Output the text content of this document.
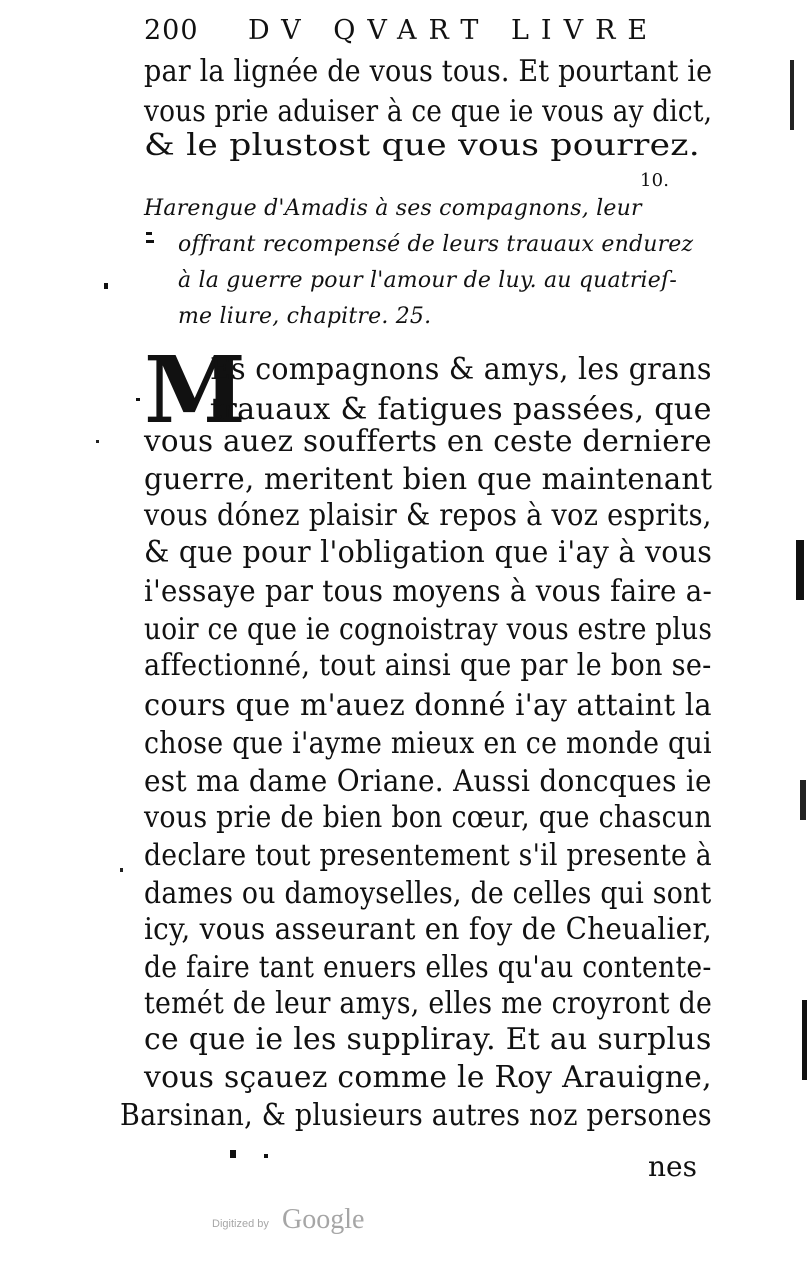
200 DV QVART LIVRE
par la lignée de vous tous. Et pourtant ie
vous prie aduiser à ce que ie vous ay dict,
& le plustost que vous pourrez.
10.
Harengue d'Amadis à ses compagnons, leur
offrant recompensé de leurs trauaux endurez
à la guerre pour l'amour de luy. au quatrieſ-
me liure, chapitre. 25.
M
Es compagnons & amys, les grans
trauaux & fatigues passées, que
vous auez soufferts en ceste derniere
guerre, meritent bien que maintenant
vous dónez plaisir & repos à voz esprits,
& que pour l'obligation que i'ay à vous
i'essaye par tous moyens à vous faire a-
uoir ce que ie cognoistray vous estre plus
affectionné, tout ainsi que par le bon se-
cours que m'auez donné i'ay attaint la
chose que i'ayme mieux en ce monde qui
est ma dame Oriane. Aussi doncques ie
vous prie de bien bon cœur, que chascun
declare tout presentement s'il presente à
dames ou damoyselles, de celles qui sont
icy, vous asseurant en foy de Cheualier,
de faire tant enuers elles qu'au contente-
temét de leur amys, elles me croyront de
ce que ie les suppliray. Et au surplus
vous sçauez comme le Roy Arauigne,
Barsinan, & plusieurs autres noz persones
nes
Digitized by Google
